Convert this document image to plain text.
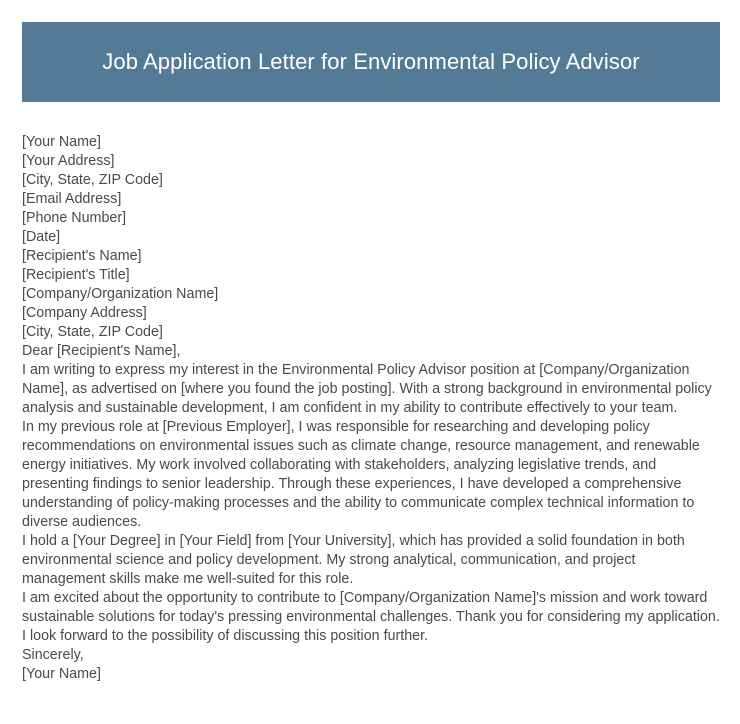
Job Application Letter for Environmental Policy Advisor
[Your Name]
[Your Address]
[City, State, ZIP Code]
[Email Address]
[Phone Number]
[Date]
[Recipient's Name]
[Recipient's Title]
[Company/Organization Name]
[Company Address]
[City, State, ZIP Code]
Dear [Recipient's Name],
I am writing to express my interest in the Environmental Policy Advisor position at [Company/Organization Name], as advertised on [where you found the job posting]. With a strong background in environmental policy analysis and sustainable development, I am confident in my ability to contribute effectively to your team.
In my previous role at [Previous Employer], I was responsible for researching and developing policy recommendations on environmental issues such as climate change, resource management, and renewable energy initiatives. My work involved collaborating with stakeholders, analyzing legislative trends, and presenting findings to senior leadership. Through these experiences, I have developed a comprehensive understanding of policy-making processes and the ability to communicate complex technical information to diverse audiences.
I hold a [Your Degree] in [Your Field] from [Your University], which has provided a solid foundation in both environmental science and policy development. My strong analytical, communication, and project management skills make me well-suited for this role.
I am excited about the opportunity to contribute to [Company/Organization Name]'s mission and work toward sustainable solutions for today's pressing environmental challenges. Thank you for considering my application. I look forward to the possibility of discussing this position further.
Sincerely,
[Your Name]
